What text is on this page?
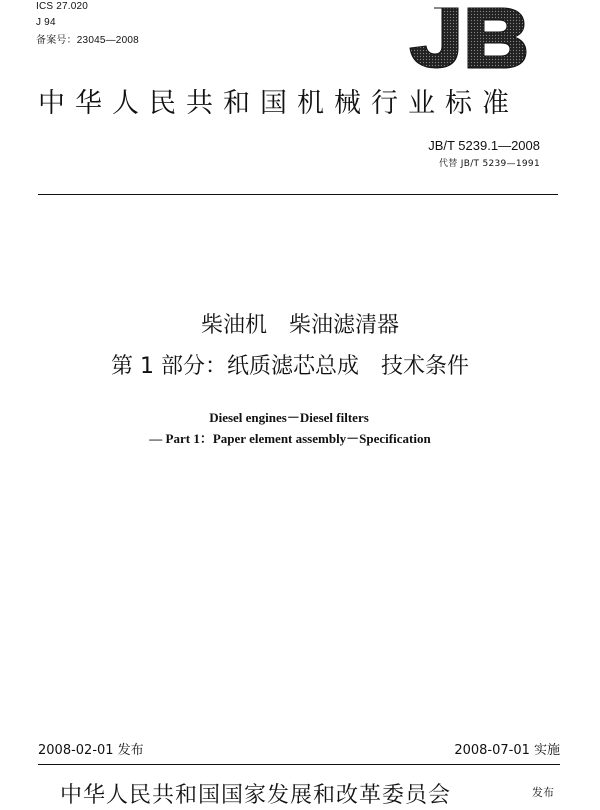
ICS 27.020
J 94
备案号：23045—2008
中华人民共和国机械行业标准
JB/T 5239.1—2008
代替 JB/T 5239—1991
柴油机　柴油滤清器
第 1 部分：纸质滤芯总成　技术条件
Diesel engines－Diesel filters
— Part 1：Paper element assembly－Specification
2008-02-01 发布	2008-07-01 实施
中华人民共和国国家发展和改革委员会	发布
